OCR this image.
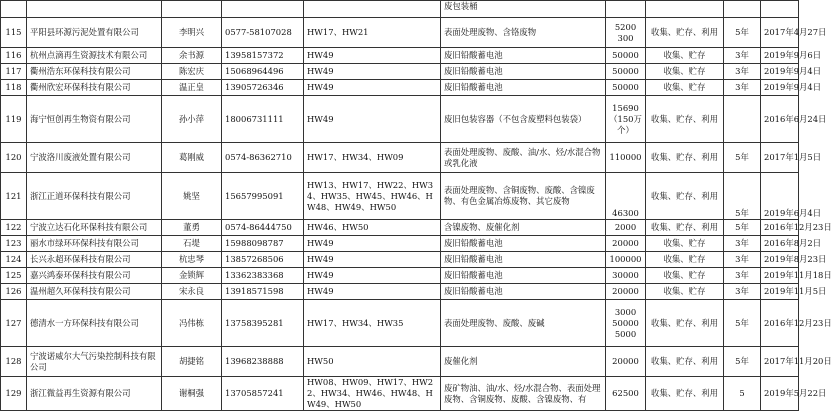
					废包装桶				
115	平阳县环源污泥处置有限公司	李明兴	0577-58107028	HW17、HW21	表面处理废物、含铬废物	5200
300	收集、贮存、利用	5年	2017年4月27日
116	杭州点滴再生资源技术有限公司	余书源	13958157372	HW49	废旧铅酸蓄电池	50000	收集、贮存	3年	2019年9月6日
117	衢州浩东环保科技有限公司	陈宏庆	15068964496	HW49	废旧铅酸蓄电池	50000	收集、贮存	3年	2019年9月4日
118	衢州欣宏环保科技有限公司	温正皇	13905726346	HW49	废旧铅酸蓄电池	50000	收集、贮存	3年	2019年9月4日
119	海宁恒创再生物资有限公司	孙小萍	18006731111	HW49	废旧包装容器（不包含废塑料包装袋）	15690
（150万
个）	收集、贮存、利用		2016年6月24日
120	宁波洛川废液处置有限公司	葛刚威	0574-86362710	HW17、HW34、HW09	表面处理废物、废酸、油/水、烃/水混合物或乳化液	110000	收集、贮存、利用	5年	2017年1月5日
121	浙江正道环保科技有限公司	姚坚	15657995091	HW13、HW17、HW22、HW34、HW35、HW45、HW46、HW48、HW49、HW50	表面处理废物、含铜废物、废酸、含镍废物、有色金属冶炼废物、其它废物	46300	收集、贮存、利用	5年	2019年6月4日
122	宁波立达石化环保科技有限公司	董勇	0574-86444750	HW46、HW50	含镍废物、废催化剂	2000	收集、贮存、利用	5年	2016年12月23日
123	丽水市绿环环保科技有限公司	石堤	15988098787	HW49	废旧铅酸蓄电池	20000	收集、贮存	3年	2016年8月2日
124	长兴永超环保科技有限公司	杭忠琴	13857268506	HW49	废旧铅酸蓄电池	100000	收集、贮存	3年	2019年8月23日
125	嘉兴鸿泰环保科技有限公司	金锁辉	13362383368	HW49	废旧铅酸蓄电池	30000	收集、贮存	3年	2019年11月18日
126	温州超久环保科技有限公司	宋永良	13918571598	HW49	废旧铅酸蓄电池	20000	收集、贮存	3年	2019年11月5日
127	德清水一方环保科技有限公司	冯伟栋	13758395281	HW17、HW34、HW35	表面处理废物、废酸、废碱	3000
50000
5000	收集、贮存、利用	5年	2016年12月23日
128	宁波诺威尔大气污染控制科技有限公司	胡捷铭	13968238888	HW50	废催化剂	20000	收集、贮存、利用	5年	2017年11月20日
129	浙江微益再生资源有限公司	谢桐强	13705857241	HW08、HW09、HW17、HW22、HW34、HW46、HW48、HW49、HW50	废矿物油、油/水、烃/水混合物、表面处理废物、含铜废物、废酸、含镍废物、有	62500	收集、贮存、利用	5	2019年5月22日
